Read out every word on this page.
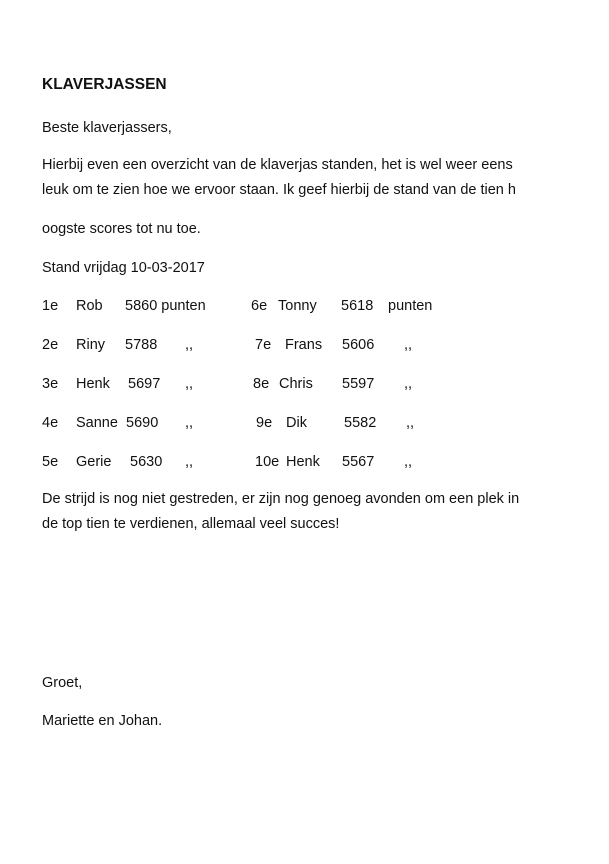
KLAVERJASSEN
Beste klaverjassers,
Hierbij even een overzicht van de klaverjas standen, het is wel weer eens
leuk om te zien hoe we ervoor staan. Ik geef hierbij de stand van de tien h
oogste scores tot nu toe.
Stand vrijdag 10-03-2017
1e Rob 5860 punten	6e Tonny 5618 punten
2e Riny 5788 ,,	7e Frans 5606 ,,
3e Henk 5697 ,,	8e Chris 5597 ,,
4e Sanne 5690 ,,	9e Dik	5582 ,,
5e Gerie 5630 ,,	10e Henk 5567 ,,
De strijd is nog niet gestreden, er zijn nog genoeg avonden om een plek in
de top tien te verdienen, allemaal veel succes!
Groet,
Mariette en Johan.
